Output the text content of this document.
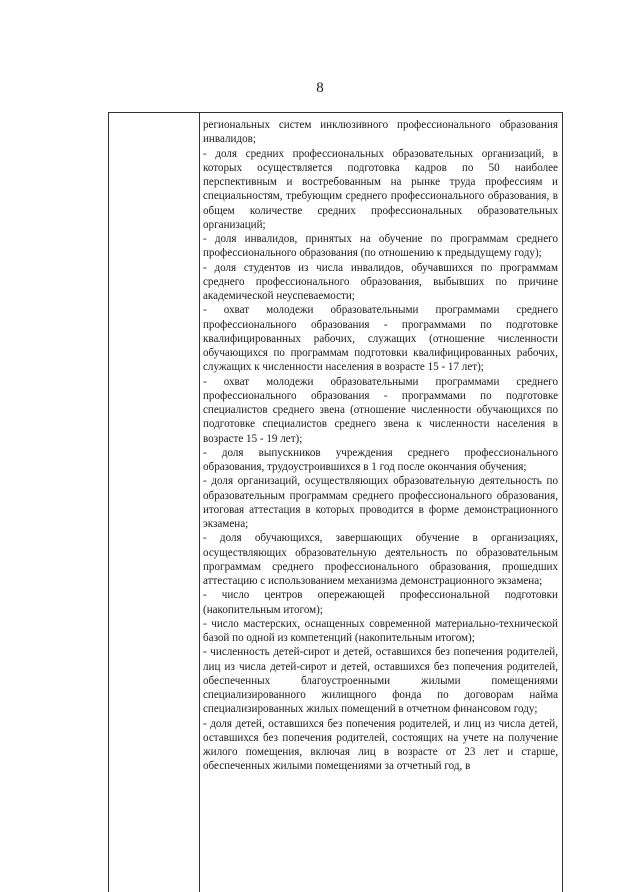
8

региональных систем инклюзивного профессионального образования инвалидов;

- доля средних профессиональных образовательных организаций, в которых осуществляется подготовка кадров по 50 наиболее перспективным и востребованным на рынке труда профессиям и специальностям, требующим среднего профессионального образования, в общем количестве средних профессиональных образовательных организаций;

- доля инвалидов, принятых на обучение по программам среднего профессионального образования (по отношению к предыдущему году);

- доля студентов из числа инвалидов, обучавшихся по программам среднего профессионального образования, выбывших по причине академической неуспеваемости;

- охват молодежи образовательными программами среднего профессионального образования - программами по подготовке квалифицированных рабочих, служащих (отношение численности обучающихся по программам подготовки квалифицированных рабочих, служащих к численности населения в возрасте 15 - 17 лет);

- охват молодежи образовательными программами среднего профессионального образования - программами по подготовке специалистов среднего звена (отношение численности обучающихся по подготовке специалистов среднего звена к численности населения в возрасте 15 - 19 лет);

- доля выпускников учреждения среднего профессионального образования, трудоустроившихся в 1 год после окончания обучения;

- доля организаций, осуществляющих образовательную деятельность по образовательным программам среднего профессионального образования, итоговая аттестация в которых проводится в форме демонстрационного экзамена;

- доля обучающихся, завершающих обучение в организациях, осуществляющих образовательную деятельность по образовательным программам среднего профессионального образования, прошедших аттестацию с использованием механизма демонстрационного экзамена;

- число центров опережающей профессиональной подготовки (накопительным итогом);

- число мастерских, оснащенных современной материально-технической базой по одной из компетенций (накопительным итогом);

- численность детей-сирот и детей, оставшихся без попечения родителей, лиц из числа детей-сирот и детей, оставшихся без попечения родителей, обеспеченных благоустроенными жилыми помещениями специализированного жилищного фонда по договорам найма специализированных жилых помещений в отчетном финансовом году;

- доля детей, оставшихся без попечения родителей, и лиц из числа детей, оставшихся без попечения родителей, состоящих на учете на получение жилого помещения, включая лиц в возрасте от 23 лет и старше, обеспеченных жилыми помещениями за отчетный год, в
